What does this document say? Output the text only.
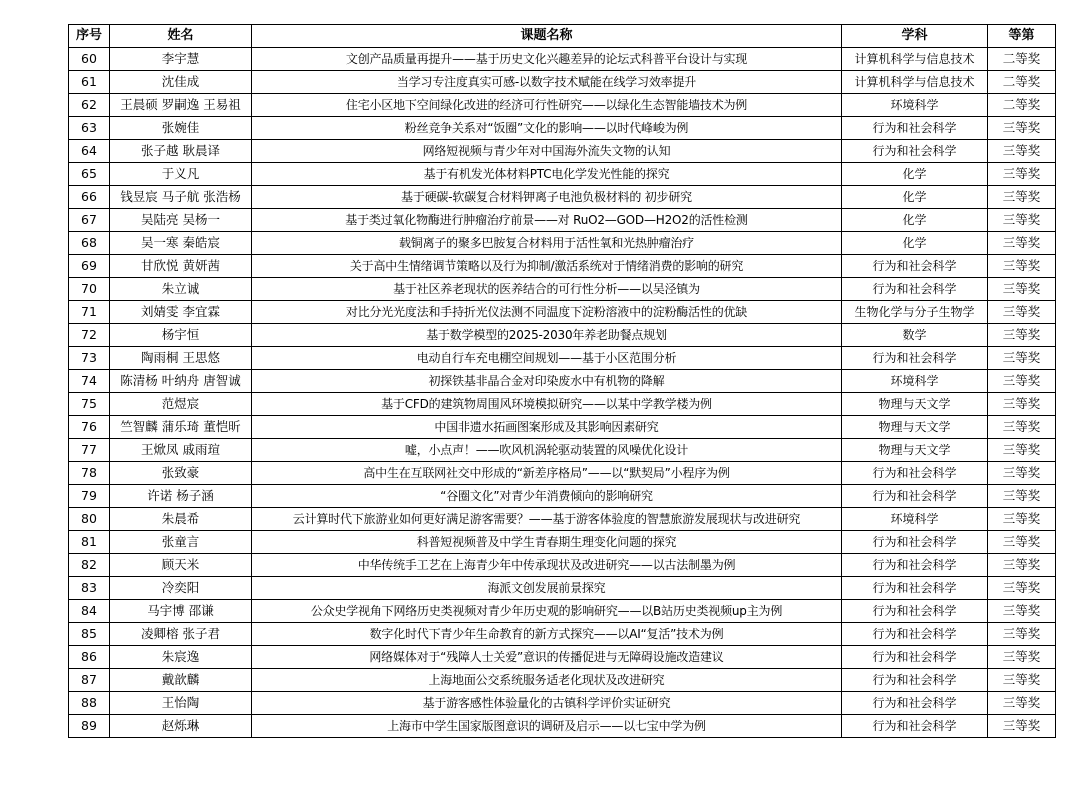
序号	姓名	课题名称	学科	等第
60	李宇慧	文创产品质量再提升——基于历史文化兴趣差异的论坛式科普平台设计与实现	计算机科学与信息技术	二等奖
61	沈佳成	当学习专注度真实可感-以数字技术赋能在线学习效率提升	计算机科学与信息技术	二等奖
62	王晨硕 罗嗣逸 王易祖	住宅小区地下空间绿化改进的经济可行性研究——以绿化生态智能墙技术为例	环境科学	二等奖
63	张婉佳	粉丝竞争关系对“饭圈”文化的影响——以时代峰峻为例	行为和社会科学	三等奖
64	张子越 耿晨译	网络短视频与青少年对中国海外流失文物的认知	行为和社会科学	三等奖
65	于义凡	基于有机发光体材料PTC电化学发光性能的探究	化学	三等奖
66	钱昱宸 马子航 张浩杨	基于硬碳-软碳复合材料钾离子电池负极材料的 初步研究	化学	三等奖
67	吴陆亮 吴杨一	基于类过氧化物酶进行肿瘤治疗前景——对 RuO2—GOD—H2O2的活性检测	化学	三等奖
68	吴一寒 秦皓宸	载铜离子的聚多巴胺复合材料用于活性氧和光热肿瘤治疗	化学	三等奖
69	甘欣悦 黄妍茜	关于高中生情绪调节策略以及行为抑制/激活系统对于情绪消费的影响的研究	行为和社会科学	三等奖
70	朱立诚	基于社区养老现状的医养结合的可行性分析——以吴泾镇为	行为和社会科学	三等奖
71	刘婧雯 李宜霖	对比分光光度法和手持折光仪法测不同温度下淀粉溶液中的淀粉酶活性的优缺	生物化学与分子生物学	三等奖
72	杨宇恒	基于数学模型的2025-2030年养老助餐点规划	数学	三等奖
73	陶雨桐 王思悠	电动自行车充电棚空间规划——基于小区范围分析	行为和社会科学	三等奖
74	陈清杨 叶纳舟 唐智诚	初探铁基非晶合金对印染废水中有机物的降解	环境科学	三等奖
75	范煜宸	基于CFD的建筑物周围风环境模拟研究——以某中学教学楼为例	物理与天文学	三等奖
76	竺智麟 蒲乐琦 董恺昕	中国非遗水拓画图案形成及其影响因素研究	物理与天文学	三等奖
77	王焮凤 戚雨瑄	嘘，小点声！——吹风机涡轮驱动装置的风噪优化设计	物理与天文学	三等奖
78	张致豪	高中生在互联网社交中形成的“新差序格局”——以“默契局”小程序为例	行为和社会科学	三等奖
79	许诺 杨子涵	“谷圈文化”对青少年消费倾向的影响研究	行为和社会科学	三等奖
80	朱晨希	云计算时代下旅游业如何更好满足游客需要？——基于游客体验度的智慧旅游发展现状与改进研究	环境科学	三等奖
81	张童言	科普短视频普及中学生青春期生理变化问题的探究	行为和社会科学	三等奖
82	顾天米	中华传统手工艺在上海青少年中传承现状及改进研究——以古法制墨为例	行为和社会科学	三等奖
83	冷奕阳	海派文创发展前景探究	行为和社会科学	三等奖
84	马宇博 邵谦	公众史学视角下网络历史类视频对青少年历史观的影响研究——以B站历史类视频up主为例	行为和社会科学	三等奖
85	凌卿榕 张子君	数字化时代下青少年生命教育的新方式探究——以AI“复活”技术为例	行为和社会科学	三等奖
86	朱宸逸	网络媒体对于“残障人士关爱”意识的传播促进与无障碍设施改造建议	行为和社会科学	三等奖
87	戴歆麟	上海地面公交系统服务适老化现状及改进研究	行为和社会科学	三等奖
88	王怡陶	基于游客感性体验量化的古镇科学评价实证研究	行为和社会科学	三等奖
89	赵烁琳	上海市中学生国家版图意识的调研及启示——以七宝中学为例	行为和社会科学	三等奖
